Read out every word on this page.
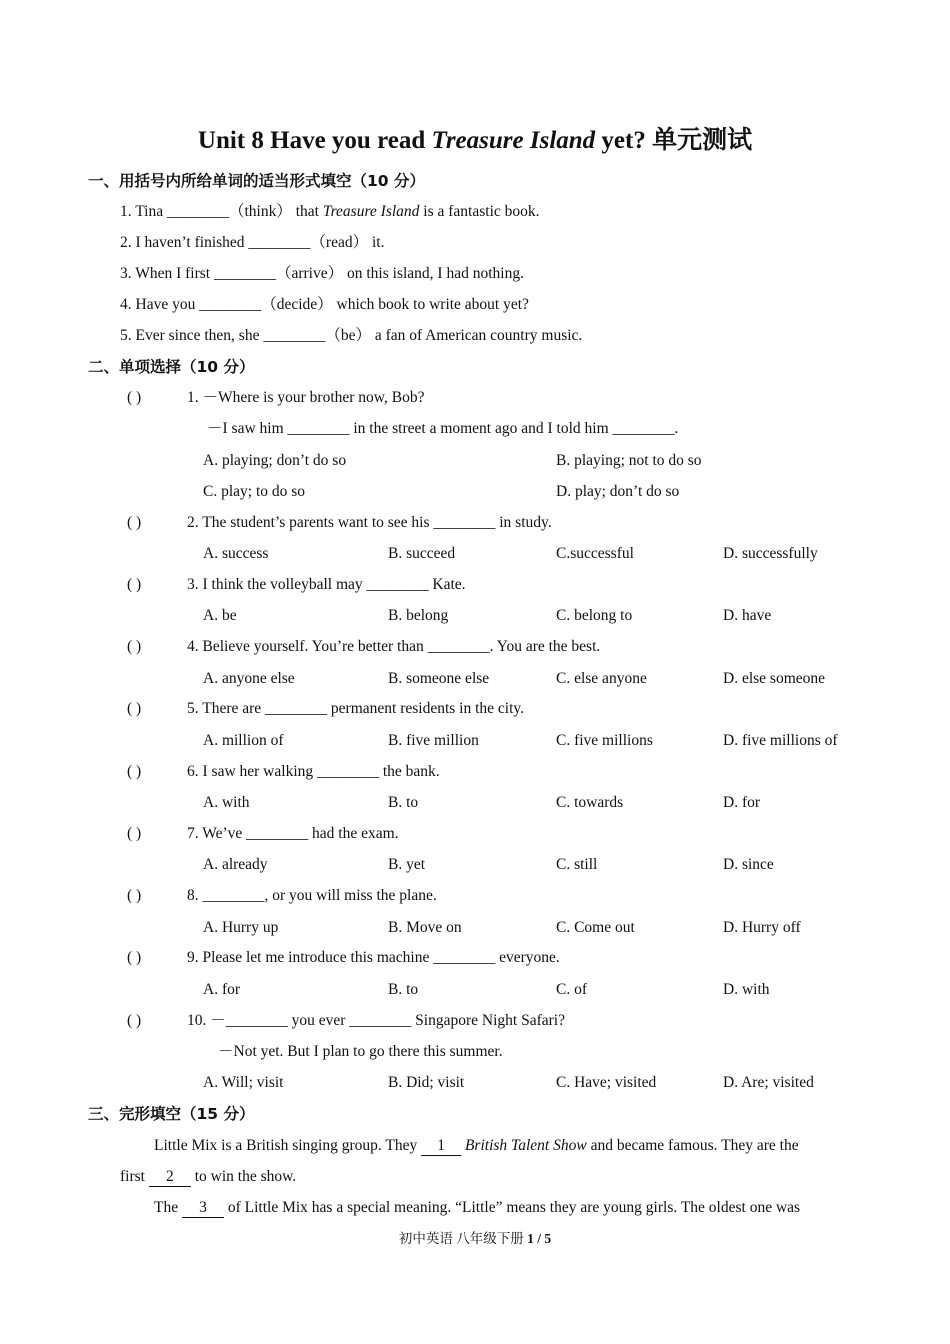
Unit 8 Have you read Treasure Island yet? 单元测试
一、用括号内所给单词的适当形式填空（10 分）
1. Tina ________（think） that Treasure Island is a fantastic book.
2. I haven’t finished ________（read） it.
3. When I first ________（arrive） on this island, I had nothing.
4. Have you ________（decide） which book to write about yet?
5. Ever since then, she ________（be） a fan of American country music.
二、单项选择（10 分）
( )	1. －Where is your brother now, Bob?
－I saw him ________ in the street a moment ago and I told him ________.
A. playing; don’t do so	B. playing; not to do so
C. play; to do so	D. play; don’t do so
( )	2. The student’s parents want to see his ________ in study.
A. success	B. succeed	C.successful	D. successfully
( )	3. I think the volleyball may ________ Kate.
A. be	B. belong	C. belong to	D. have
( )	4. Believe yourself. You’re better than ________. You are the best.
A. anyone else	B. someone else	C. else anyone	D. else someone
( )	5. There are ________ permanent residents in the city.
A. million of	B. five million	C. five millions	D. five millions of
( )	6. I saw her walking ________ the bank.
A. with	B. to	C. towards	D. for
( )	7. We’ve ________ had the exam.
A. already	B. yet	C. still	D. since
( )	8. ________, or you will miss the plane.
A. Hurry up	B. Move on	C. Come out	D. Hurry off
( )	9. Please let me introduce this machine ________ everyone.
A. for	B. to	C. of	D. with
( )	10. －________ you ever ________ Singapore Night Safari?
－Not yet. But I plan to go there this summer.
A. Will; visit	B. Did; visit	C. Have; visited	D. Are; visited
三、完形填空（15 分）
Little Mix is a British singing group. They 1 British Talent Show and became famous. They are the
first 2 to win the show.
The 3 of Little Mix has a special meaning. “Little” means they are young girls. The oldest one was
初中英语 八年级下册 1 / 5
